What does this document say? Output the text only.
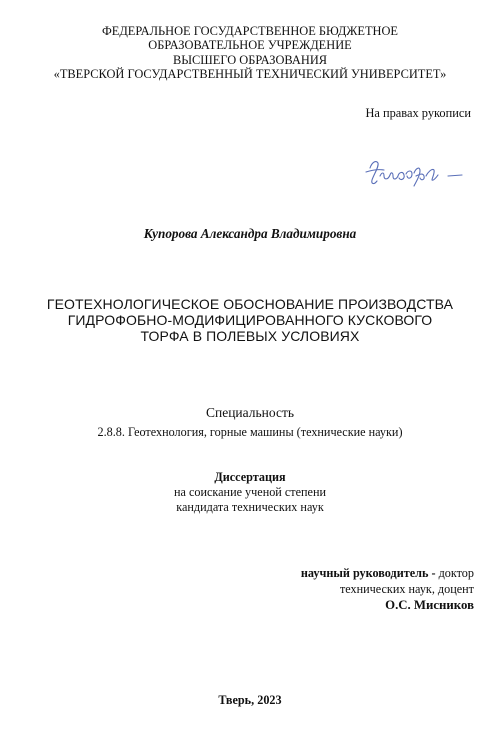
ФЕДЕРАЛЬНОЕ ГОСУДАРСТВЕННОЕ БЮДЖЕТНОЕ
ОБРАЗОВАТЕЛЬНОЕ УЧРЕЖДЕНИЕ
ВЫСШЕГО ОБРАЗОВАНИЯ
«ТВЕРСКОЙ ГОСУДАРСТВЕННЫЙ ТЕХНИЧЕСКИЙ УНИВЕРСИТЕТ»
На правах рукописи
Купорова Александра Владимировна
ГЕОТЕХНОЛОГИЧЕСКОЕ ОБОСНОВАНИЕ ПРОИЗВОДСТВА
ГИДРОФОБНО-МОДИФИЦИРОВАННОГО КУСКОВОГО
ТОРФА В ПОЛЕВЫХ УСЛОВИЯХ
Специальность
2.8.8. Геотехнология, горные машины (технические науки)
Диссертация
на соискание ученой степени
кандидата технических наук
научный руководитель - доктор
технических наук, доцент
О.С. Мисников
Тверь, 2023
